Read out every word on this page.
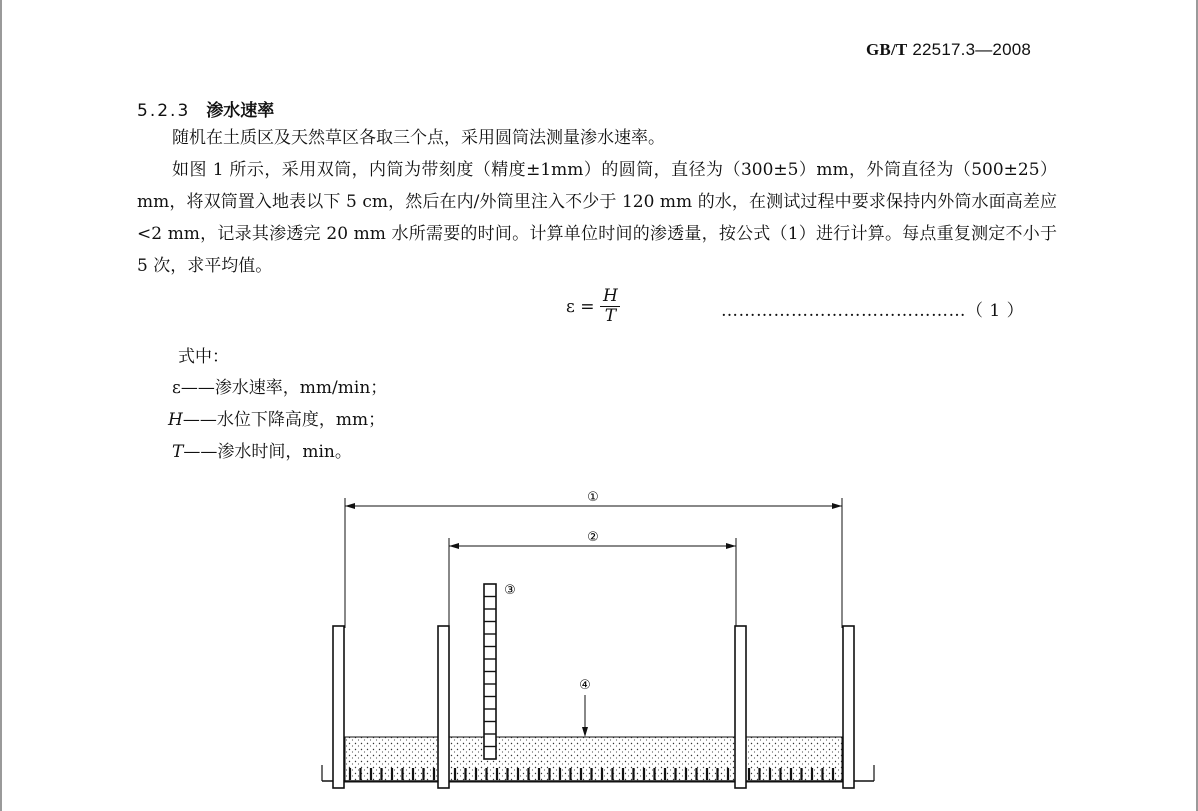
GB/T 22517.3—2008
5.2.3 渗水速率
随机在土质区及天然草区各取三个点，采用圆筒法测量渗水速率。
如图 1 所示，采用双筒，内筒为带刻度（精度±1mm）的圆筒，直径为（300±5）mm，外筒直径为（500±25）mm，将双筒置入地表以下 5 cm，然后在内/外筒里注入不少于 120 mm 的水，在测试过程中要求保持内外筒水面高差应<2 mm，记录其渗透完 20 mm 水所需要的时间。计算单位时间的渗透量，按公式（1）进行计算。每点重复测定不小于 5 次，求平均值。
$\varepsilon = \frac{H}{T}$	……………………………………（ 1 ）
式中：
ε——渗水速率，mm/min；
H——水位下降高度，mm；
T——渗水时间，min。
①
②
③
④
